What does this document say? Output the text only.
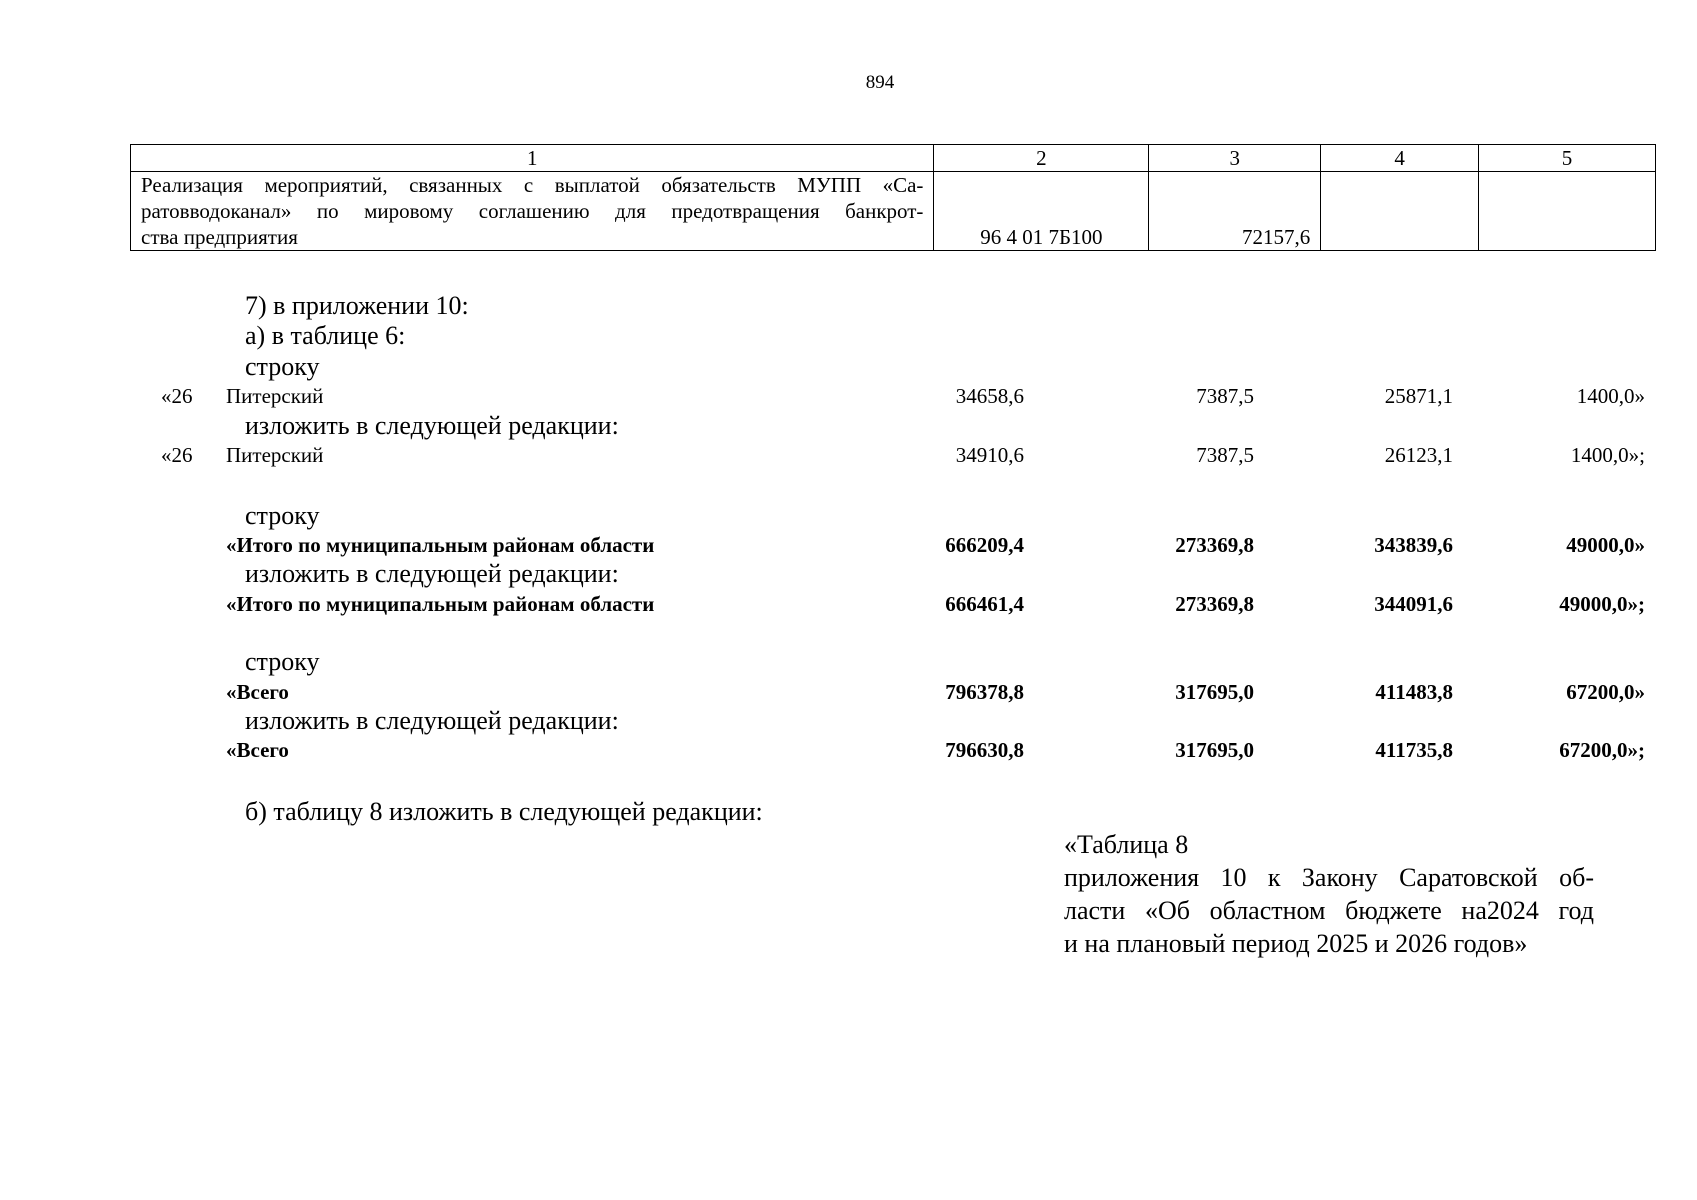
894
1	2	3	4	5

Реализация мероприятий, связанных с выплатой обязательств МУПП «Са-
ратовводоканал» по мировому соглашению для предотвращения банкрот-
ства предприятия	96 4 01 7Б100	72157,6		
7) в приложении 10:
а) в таблице 6:
строку
«26 Питерский	34658,6	7387,5	25871,1	1400,0»
изложить в следующей редакции:
«26 Питерский	34910,6	7387,5	26123,1	1400,0»;
строку
«Итого по муниципальным районам области	666209,4	273369,8	343839,6	49000,0»
изложить в следующей редакции:
«Итого по муниципальным районам области	666461,4	273369,8	344091,6	49000,0»;
строку
«Всего	796378,8	317695,0	411483,8	67200,0»
изложить в следующей редакции:
«Всего	796630,8	317695,0	411735,8	67200,0»;
б) таблицу 8 изложить в следующей редакции:
«Таблица 8
приложения 10 к Закону Саратовской об-
ласти «Об областном бюджете на2024 год
и на плановый период 2025 и 2026 годов»
